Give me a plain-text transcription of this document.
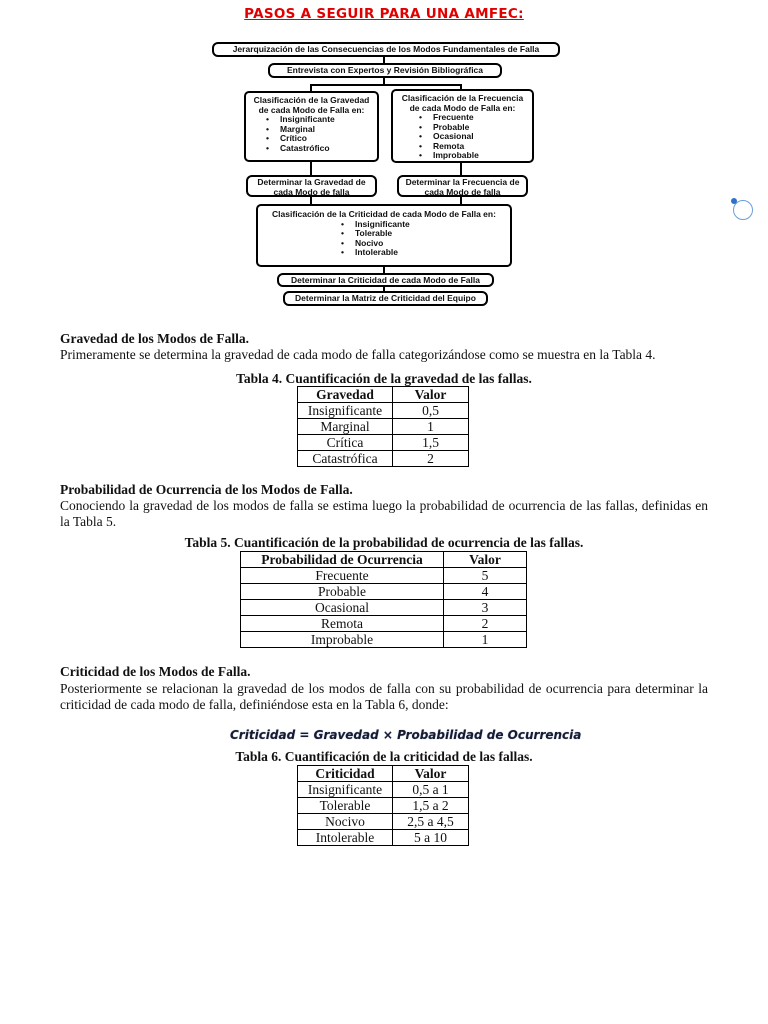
PASOS A SEGUIR PARA UNA AMFEC:
Jerarquización de las Consecuencias de los Modos Fundamentales de Falla
Entrevista con Expertos y Revisión Bibliográfica
Clasificación de la Gravedad de cada Modo de Falla en:
• Insignificante
• Marginal
• Crítico
• Catastrófico
Clasificación de la Frecuencia de cada Modo de Falla en:
• Frecuente
• Probable
• Ocasional
• Remota
• Improbable
Determinar la Gravedad de cada Modo de falla
Determinar la Frecuencia de cada Modo de falla
Clasificación de la Criticidad de cada Modo de Falla en:
• Insignificante
• Tolerable
• Nocivo
• Intolerable
Determinar la Criticidad de cada Modo de Falla
Determinar la Matriz de Criticidad del Equipo
Gravedad de los Modos de Falla.
Primeramente se determina la gravedad de cada modo de falla categorizándose como se muestra en la Tabla 4.
Tabla 4. Cuantificación de la gravedad de las fallas.
Gravedad	Valor
Insignificante	0,5
Marginal	1
Crítica	1,5
Catastrófica	2
Probabilidad de Ocurrencia de los Modos de Falla.
Conociendo la gravedad de los modos de falla se estima luego la probabilidad de ocurrencia de las fallas, definidas en la Tabla 5.
Tabla 5. Cuantificación de la probabilidad de ocurrencia de las fallas.
Probabilidad de Ocurrencia	Valor
Frecuente	5
Probable	4
Ocasional	3
Remota	2
Improbable	1
Criticidad de los Modos de Falla.
Posteriormente se relacionan la gravedad de los modos de falla con su probabilidad de ocurrencia para determinar la criticidad de cada modo de falla, definiéndose esta en la Tabla 6, donde:
Criticidad = Gravedad × Probabilidad de Ocurrencia
Tabla 6. Cuantificación de la criticidad de las fallas.
Criticidad	Valor
Insignificante	0,5 a 1
Tolerable	1,5 a 2
Nocivo	2,5 a 4,5
Intolerable	5 a 10
